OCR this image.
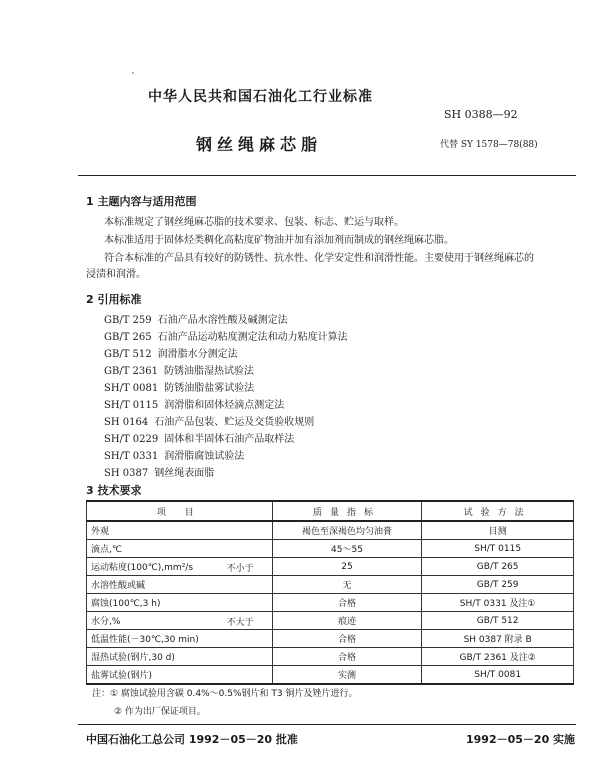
中华人民共和国石油化工行业标准
SH 0388—92
钢丝绳麻芯脂	代替 SY 1578—78(88)
1 主题内容与适用范围
本标准规定了钢丝绳麻芯脂的技术要求、包装、标志、贮运与取样。
本标准适用于固体烃类稠化高粘度矿物油并加有添加剂而制成的钢丝绳麻芯脂。
符合本标准的产品具有较好的防锈性、抗水性、化学安定性和润滑性能。主要使用于钢丝绳麻芯的
浸渍和润滑。
2 引用标准
GB/T 259 石油产品水溶性酸及碱测定法
GB/T 265 石油产品运动粘度测定法和动力粘度计算法
GB/T 512 润滑脂水分测定法
GB/T 2361 防锈油脂湿热试验法
SH/T 0081 防锈油脂盐雾试验法
SH/T 0115 润滑脂和固体烃滴点测定法
SH 0164 石油产品包装、贮运及交货验收规则
SH/T 0229 固体和半固体石油产品取样法
SH/T 0331 润滑脂腐蚀试验法
SH 0387 钢丝绳表面脂
3 技术要求
项 目	质量指标	试验方法
外观	褐色至深褐色均匀油膏	目测
滴点,℃	45～55	SH/T 0115
运动粘度(100℃),mm²/s 不小于	25	GB/T 265
水溶性酸或碱	无	GB/T 259
腐蚀(100℃,3 h)	合格	SH/T 0331 及注①
水分,% 不大于	痕迹	GB/T 512
低温性能(－30℃,30 min)	合格	SH 0387 附录 B
湿热试验(钢片,30 d)	合格	GB/T 2361 及注②
盐雾试验(钢片)	实测	SH/T 0081
注：① 腐蚀试验用含碳 0.4%～0.5%钢片和 T3 铜片及矬片进行。
② 作为出厂保证项目。
中国石油化工总公司 1992－05－20 批准	1992－05－20 实施
